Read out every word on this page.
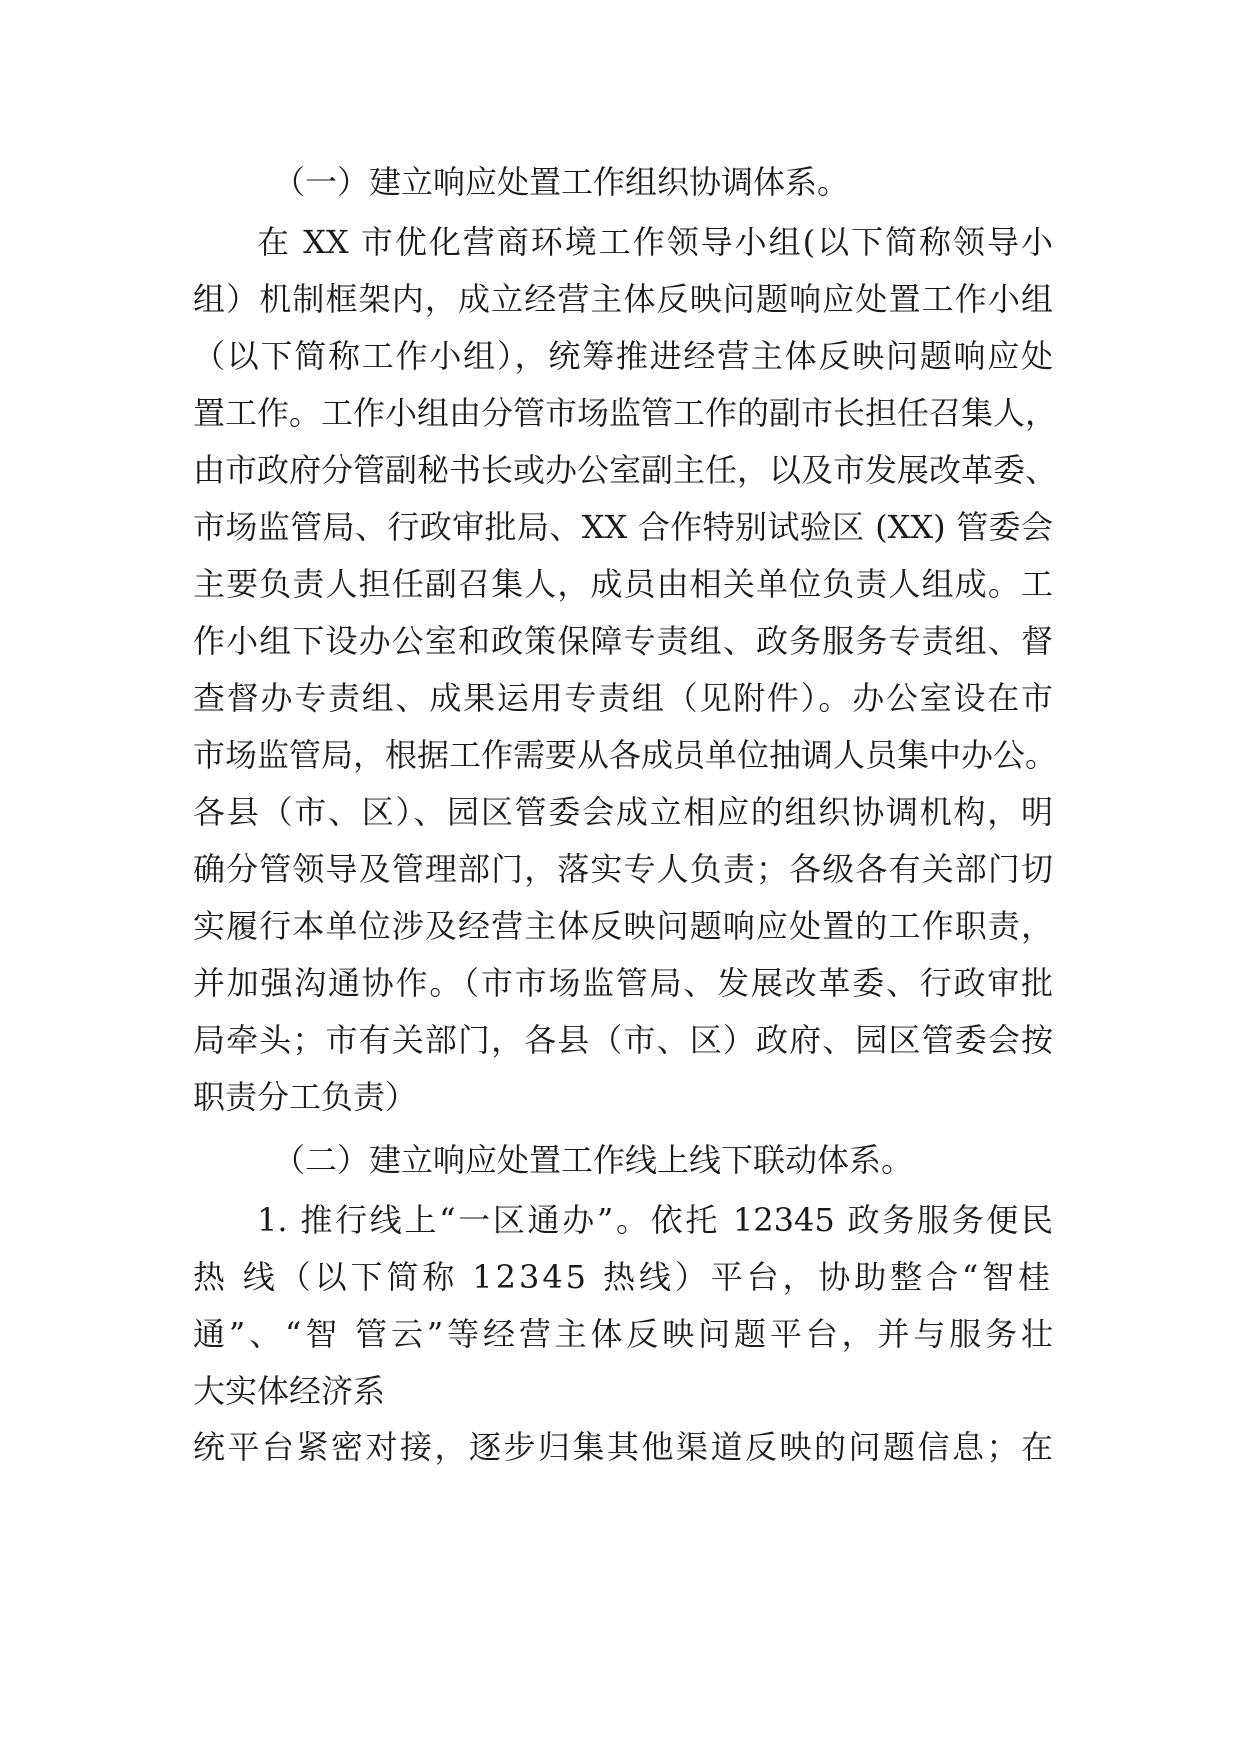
（一）建立响应处置工作组织协调体系。
在 XX 市优化营商环境工作领导小组(以下简称领导小
组）机制框架内，成立经营主体反映问题响应处置工作小组
（以下简称工作小组），统筹推进经营主体反映问题响应处
置工作。工作小组由分管市场监管工作的副市长担任召集人，
由市政府分管副秘书长或办公室副主任，以及市发展改革委、
市场监管局、行政审批局、XX 合作特别试验区 (XX) 管委会
主要负责人担任副召集人，成员由相关单位负责人组成。工
作小组下设办公室和政策保障专责组、政务服务专责组、督
查督办专责组、成果运用专责组（见附件）。办公室设在市
市场监管局，根据工作需要从各成员单位抽调人员集中办公。
各县（市、区）、园区管委会成立相应的组织协调机构，明
确分管领导及管理部门，落实专人负责；各级各有关部门切
实履行本单位涉及经营主体反映问题响应处置的工作职责，
并加强沟通协作。（市市场监管局、发展改革委、行政审批
局牵头；市有关部门，各县（市、区）政府、园区管委会按
职责分工负责）
（二）建立响应处置工作线上线下联动体系。
1. 推行线上“一区通办”。依托 12345 政务服务便民
热 线（以下简称 12345 热线）平台，协助整合“智桂
通”、“智 管云”等经营主体反映问题平台，并与服务壮
大实体经济系
统平台紧密对接，逐步归集其他渠道反映的问题信息；在
